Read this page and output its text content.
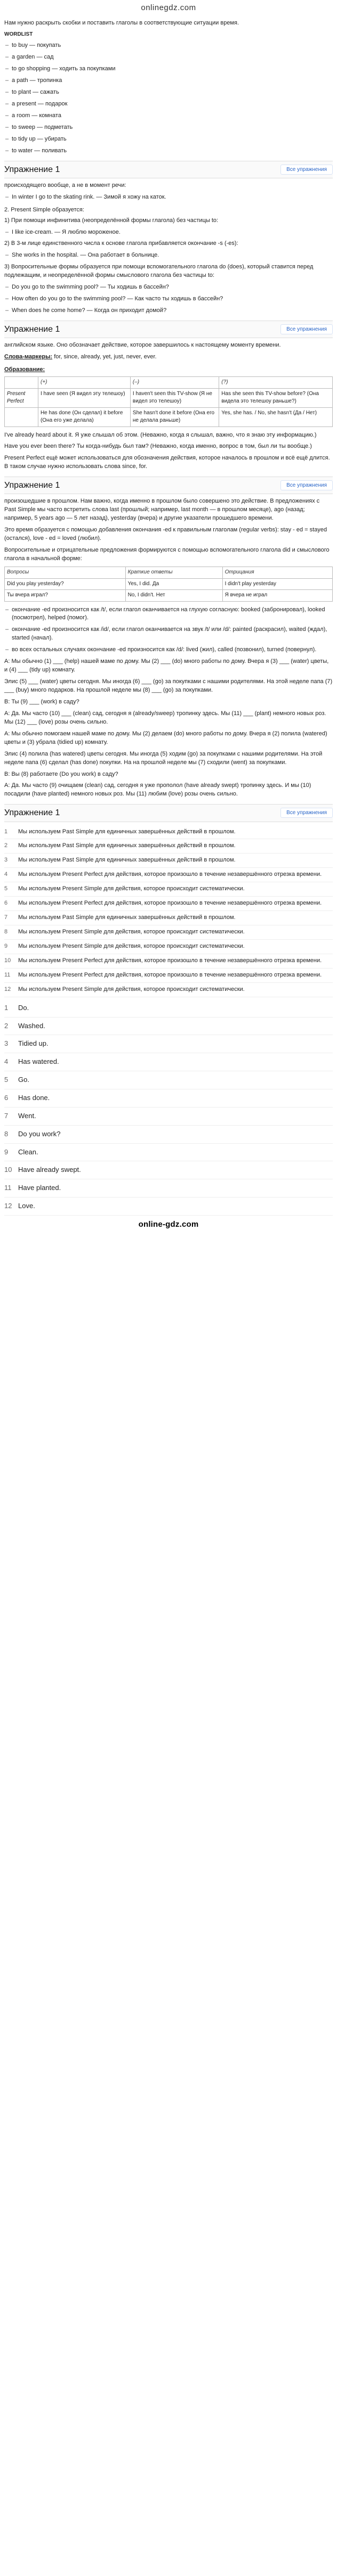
onlinegdz.com

Нам нужно раскрыть скобки и поставить глаголы в соответствующие ситуации время.

WORDLIST
– to buy — покупать
– a garden — сад
– to go shopping — ходить за покупками
– a path — тропинка
– to plant — сажать
– a present — подарок
– a room — комната
– to sweep — подметать
– to tidy up — убирать
– to water — поливать
Упражнение 1	Все упражнения

происходящего вообще, а не в момент речи:

– In winter I go to the skating rink. — Зимой я хожу на каток.
2. Present Simple образуется:

1) При помощи инфинитива (неопределённой формы глагола) без частицы to:

– I like ice-cream. — Я люблю мороженое.

2) В 3-м лице единственного числа к основе глагола прибавляется окончание -s (-es):

– She works in the hospital. — Она работает в больнице.

3) Вопросительные формы образуется при помощи вспомогательного глагола do (does), который ставится перед подлежащим, и неопределённой формы смыслового глагола без частицы to:

– Do you go to the swimming pool? — Ты ходишь в бассейн?
– How often do you go to the swimming pool? — Как часто ты ходишь в бассейн?
– When does he come home? — Когда он приходит домой?
Упражнение 1	Все упражнения

английском языке. Оно обозначает действие, которое завершилось к настоящему моменту времени.

Слова-маркеры: for, since, already, yet, just, never, ever.

Образование:
	(+)	(–)	(?)
Present Perfect	I have seen (Я видел эту телешоу)	I haven't seen this TV-show (Я не видел это телешоу)	Has she seen this TV-show before? (Она видела это телешоу раньше?)
	He has done (Он сделал) it before (Она его уже делала)	She hasn't done it before (Она его не делала раньше)	Yes, she has. / No, she hasn't (Да / Нет)

I've already heard about it. Я уже слышал об этом. (Неважно, когда я слышал, важно, что я знаю эту информацию.)

Have you ever been there? Ты когда-нибудь был там? (Неважно, когда именно, вопрос в том, был ли ты вообще.)

Present Perfect ещё может использоваться для обозначения действия, которое началось в прошлом и всё ещё длится. В таком случае нужно использовать слова since, for.

Упражнение 1	Все упражнения

произошедшие в прошлом. Нам важно, когда именно в прошлом было совершено это действие. В предложениях с Past Simple мы часто встретить слова last (прошлый; например, last month — в прошлом месяце), ago (назад; например, 5 years ago — 5 лет назад), yesterday (вчера) и другие указатели прошедшего времени.

Это время образуется с помощью добавления окончания -ed к правильным глаголам (regular verbs): stay - ed = stayed (остался), love - ed = loved (любил).

Вопросительные и отрицательные предложения формируются с помощью вспомогательного глагола did и смыслового глагола в начальной форме:

Вопросы	Краткие ответы	Отрицания
Did you play yesterday?	Yes, I did. Да	I didn't play yesterday
Ты вчера играл?	No, I didn't. Нет	Я вчера не играл
– окончание -ed произносится как /t/, если глагол оканчивается на глухую согласную: booked (забронировал), looked (посмотрел), helped (помог).
– окончание -ed произносится как /id/, если глагол оканчивается на звук /t/ или /d/: painted (раскрасил), waited (ждал), started (начал).
– во всех остальных случаях окончание -ed произносится как /d/: lived (жил), called (позвонил), turned (повернул).

A: Mы обычно (1) ___ (help) нашей маме по дому. Мы (2) ___ (do) много работы по дому. Вчера я (3) ___ (water) цветы, и (4) ___ (tidy up) комнату.

Элис (5) ___ (water) цветы сегодня. Мы иногда (6) ___ (go) за покупками с нашими родителями. На этой неделе папа (7) ___ (buy) много подарков. На прошлой неделе мы (8) ___ (go) за покупками.

B: Ты (9) ___ (work) в саду?

A: Да. Мы часто (10) ___ (clean) сад, сегодня я (already/sweep) тропинку здесь. Мы (11) ___ (plant) немного новых роз. Мы (12) ___ (love) розы очень сильно.

A: Мы обычно помогаем нашей маме по дому. Мы (2) делаем (do) много работы по дому. Вчера я (2) полила (watered) цветы и (3) убрала (tidied up) комнату.

Элис (4) полила (has watered) цветы сегодня. Мы иногда (5) ходим (go) за покупками с нашими родителями. На этой неделе папа (6) сделал (has done) покупки. На на прошлой неделе мы (7) сходили (went) за покупками.

B: Вы (8) работаете (Do you work) в саду?

A: Да. Мы часто (9) очищаем (clean) сад, сегодня я уже прополол (have already swept) тропинку здесь. И мы (10) посадили (have planted) немного новых роз. Мы (11) любим (love) розы очень сильно.

Упражнение 1	Все упражнения
1	Мы используем Past Simple для единичных завершённых действий в прошлом.
2	Мы используем Past Simple для единичных завершённых действий в прошлом.
3	Мы используем Past Simple для единичных завершённых действий в прошлом.
4	Мы используем Present Perfect для действия, которое произошло в течение незавершённого отрезка времени.
5	Мы используем Present Simple для действия, которое происходит систематически.
6	Мы используем Present Perfect для действия, которое произошло в течение незавершённого отрезка времени.
7	Мы используем Past Simple для единичных завершённых действий в прошлом.
8	Мы используем Present Simple для действия, которое происходит систематически.
9	Мы используем Present Simple для действия, которое происходит систематически.
10	Мы используем Present Perfect для действия, которое произошло в течение незавершённого отрезка времени.
11	Мы используем Present Perfect для действия, которое произошло в течение незавершённого отрезка времени.
12	Мы используем Present Simple для действия, которое происходит систематически.
1	Do.
2	Washed.
3	Tidied up.
4	Has watered.
5	Go.
6	Has done.
7	Went.
8	Do you work?
9	Clean.
10 Have already swept.
11 Have planted.
12 Love.
online-gdz.com
